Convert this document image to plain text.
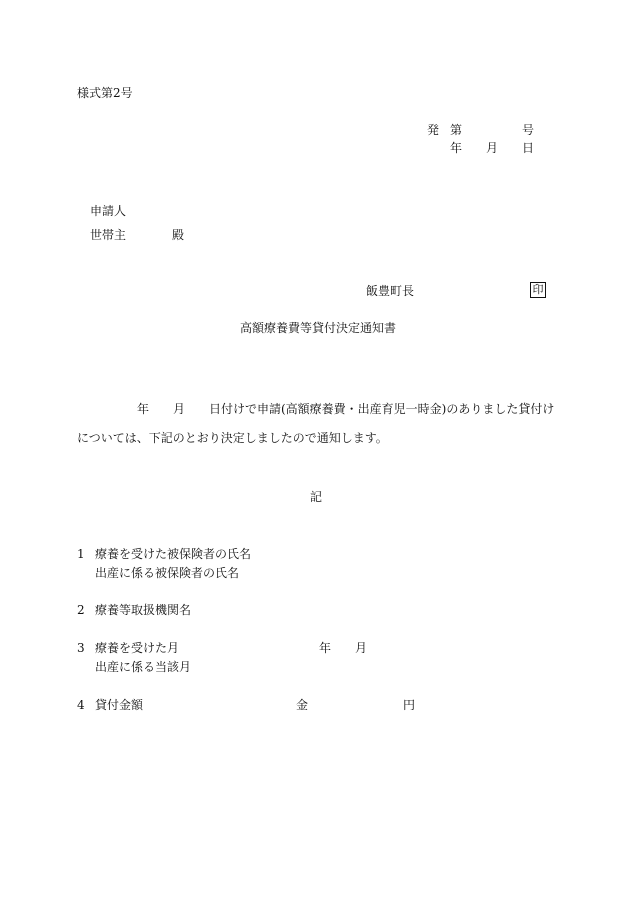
様式第2号
発 第	号
年 月 日
申請人
世帯主	殿
飯豊町長	印
高額療養費等貸付決定通知書
年 月 日付けで申請(高額療養費・出産育児一時金)のありました貸付け
については、下記のとおり決定しましたので通知します。
記
1 療養を受けた被保険者の氏名
出産に係る被保険者の氏名
2 療養等取扱機関名
3 療養を受けた月	年 月
出産に係る当該月
4 貸付金額	金	円
